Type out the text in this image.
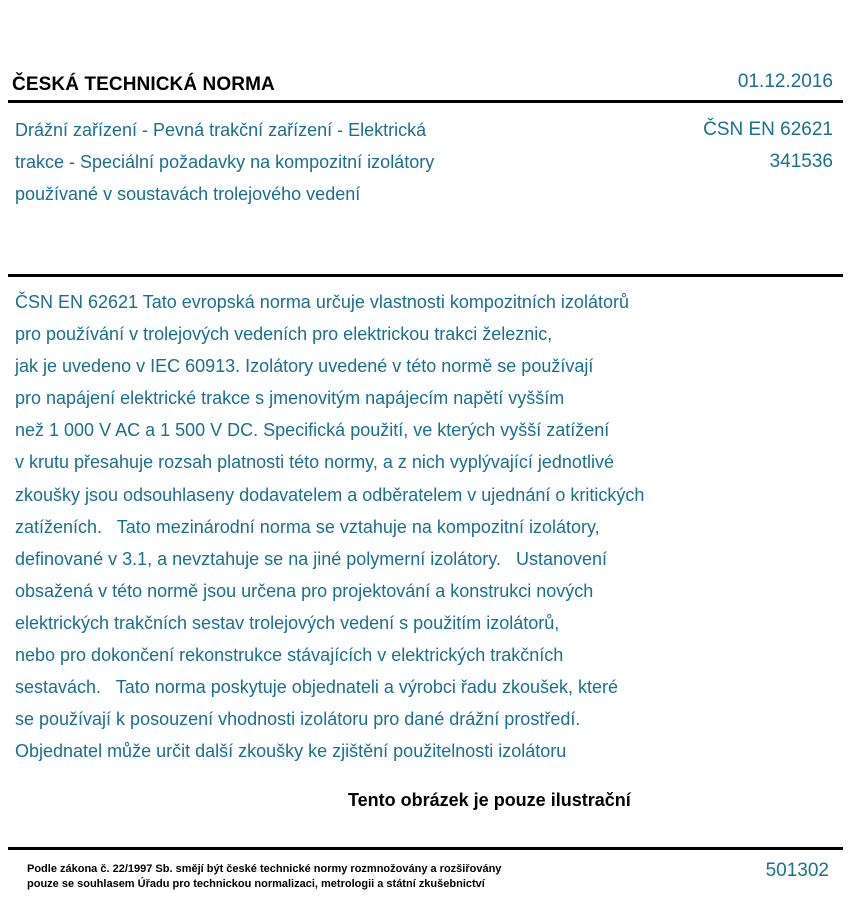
ČESKÁ TECHNICKÁ NORMA	01.12.2016
Drážní zařízení - Pevná trakční zařízení - Elektrická
trakce - Speciální požadavky na kompozitní izolátory
používané v soustavách trolejového vedení
ČSN EN 62621
341536
ČSN EN 62621 Tato evropská norma určuje vlastnosti kompozitních izolátorů
pro používání v trolejových vedeních pro elektrickou trakci železnic,
jak je uvedeno v IEC 60913. Izolátory uvedené v této normě se používají
pro napájení elektrické trakce s jmenovitým napájecím napětí vyšším
než 1 000 V AC a 1 500 V DC. Specifická použití, ve kterých vyšší zatížení
v krutu přesahuje rozsah platnosti této normy, a z nich vyplývající jednotlivé
zkoušky jsou odsouhlaseny dodavatelem a odběratelem v ujednání o kritických
zatíženích.   Tato mezinárodní norma se vztahuje na kompozitní izolátory,
definované v 3.1, a nevztahuje se na jiné polymerní izolátory.   Ustanovení
obsažená v této normě jsou určena pro projektování a konstrukci nových
elektrických trakčních sestav trolejových vedení s použitím izolátorů,
nebo pro dokončení rekonstrukce stávajících v elektrických trakčních
sestavách.   Tato norma poskytuje objednateli a výrobci řadu zkoušek, které
se používají k posouzení vhodnosti izolátoru pro dané drážní prostředí.
Objednatel může určit další zkoušky ke zjištění použitelnosti izolátoru
Tento obrázek je pouze ilustrační
Podle zákona č. 22/1997 Sb. smějí být české technické normy rozmnožovány a rozšiřovány
pouze se souhlasem Úřadu pro technickou normalizaci, metrologii a státní zkušebnictví
501302
